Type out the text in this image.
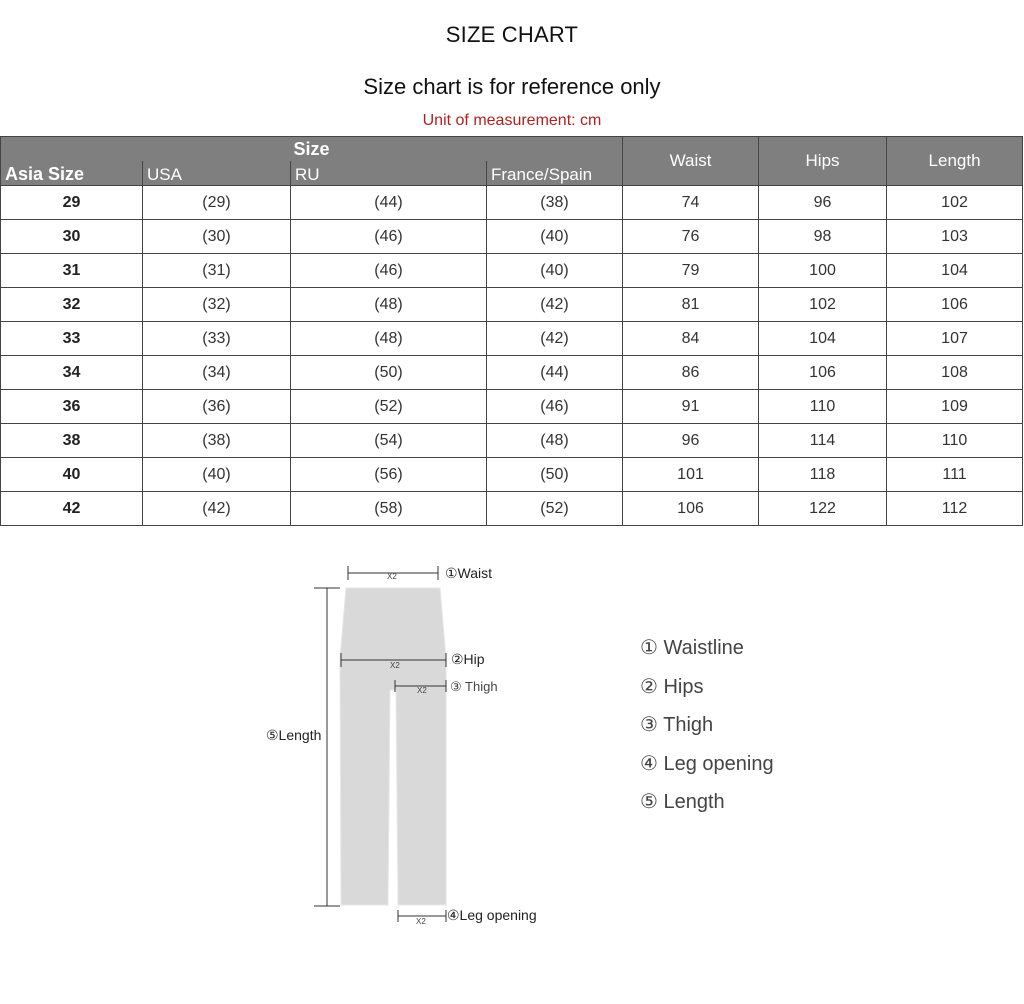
SIZE CHART
Size chart is for reference only
Unit of measurement: cm
Size				Waist	Hips	Length
Asia Size	USA	RU	France/Spain			
29	(29)	(44)	(38)	74	96	102
30	(30)	(46)	(40)	76	98	103
31	(31)	(46)	(40)	79	100	104
32	(32)	(48)	(42)	81	102	106
33	(33)	(48)	(42)	84	104	107
34	(34)	(50)	(44)	86	106	108
36	(36)	(52)	(46)	91	110	109
38	(38)	(54)	(48)	96	114	110
40	(40)	(56)	(50)	101	118	111
42	(42)	(58)	(52)	106	122	112
X2
X2
X2
X2
①Waist
②Hip
③ Thigh
⑤Length
④Leg opening
① Waistline
② Hips
③ Thigh
④ Leg opening
⑤ Length
